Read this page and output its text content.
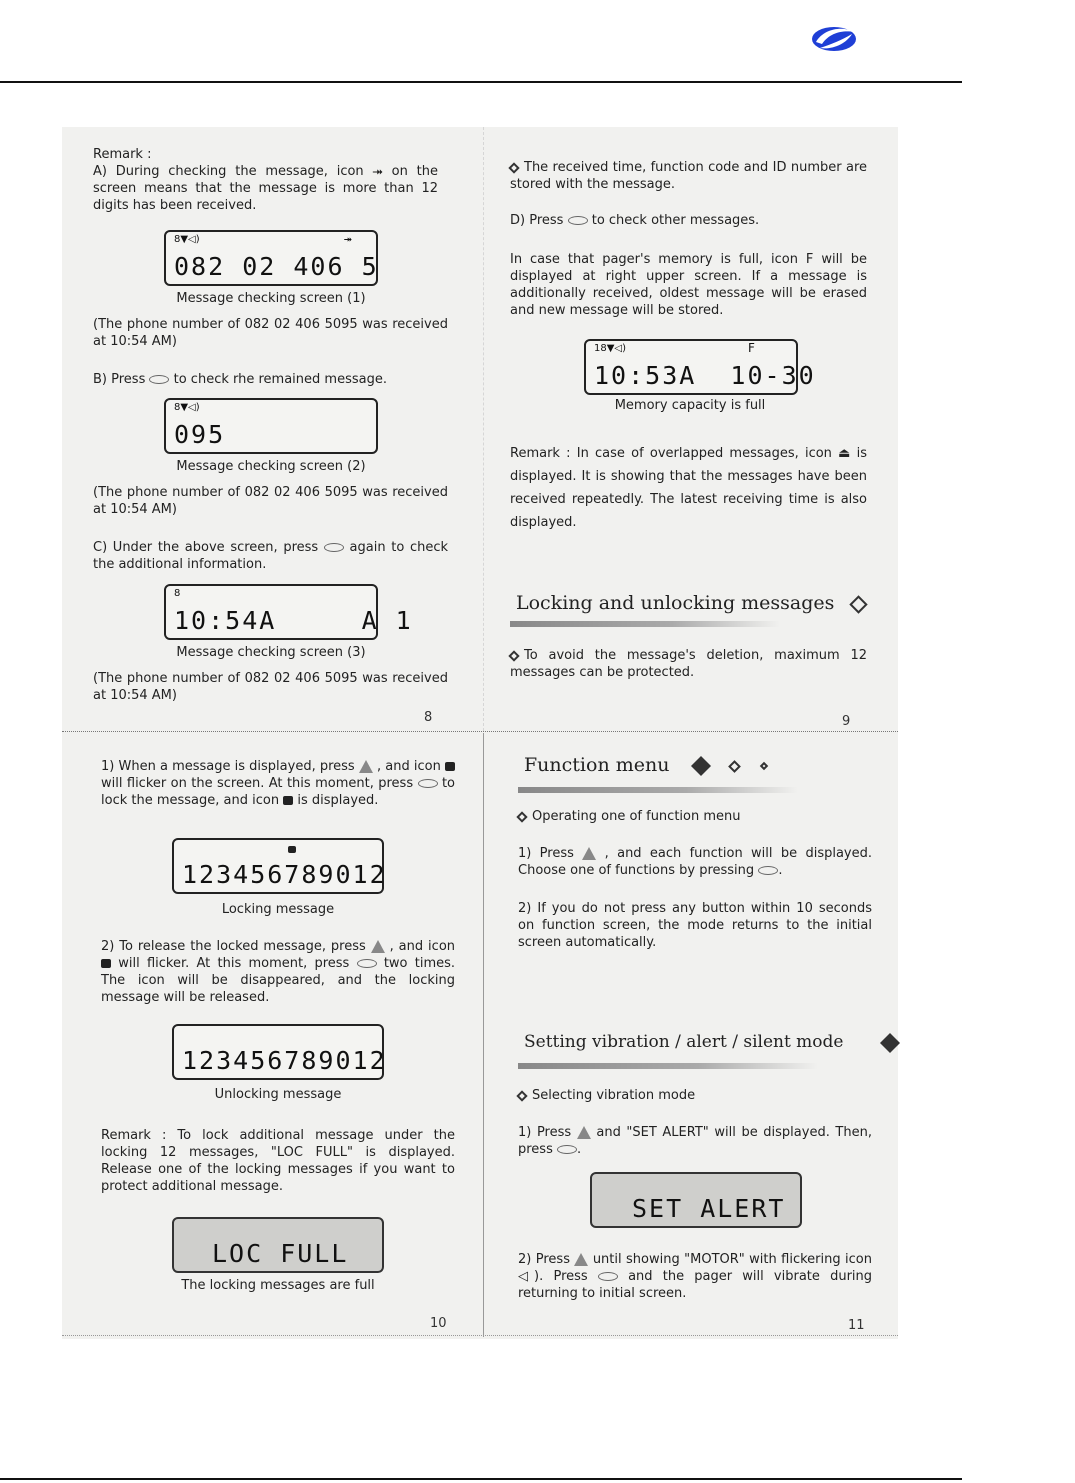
Remark :

A) During checking the message, icon ⯮ on the screen means that the message is more than 12 digits has been received.

8▼◁)	⯮
082 02 406 5
Message checking screen (1)
(The phone number of 082 02 406 5095 was received at 10:54 AM)
B) Press to check rhe remained message.
8▼◁)
095
Message checking screen (2)
(The phone number of 082 02 406 5095 was received at 10:54 AM)
C) Under the above screen, press again to check the additional information.
8
10:54A     A 1
Message checking screen (3)
(The phone number of 082 02 406 5095 was received at 10:54 AM)
8
The received time, function code and ID number are stored with the message.
D) Press to check other messages.
In case that pager's memory is full, icon F will be displayed at right upper screen. If a message is additionally received, oldest message will be erased and new message will be stored.
18▼◁)	F
10:53A  10-30
Memory capacity is full
Remark : In case of overlapped messages, icon ⏏ is displayed. It is showing that the messages have been received repeatedly. The latest receiving time is also displayed.
Locking and unlocking messages
To avoid the message's deletion, maximum 12 messages can be protected.
9
1) When a message is displayed, press , and icon  will flicker on the screen. At this moment, press to lock the message, and icon is displayed.
123456789012
Locking message
2) To release the locked message, press , and icon  will flicker. At this moment, press	two times. The icon will be disappeared, and the locking message will be released.
123456789012
Unlocking message
Remark : To lock additional message under the locking 12 messages, "LOC FULL" is displayed. Release one of the locking messages if you want to protect additional message.
LOC FULL
The locking messages are full
10
Function menu
Operating one of function menu
1) Press , and each function will be displayed. Choose one of functions by pressing .
2) If you do not press any button within 10 seconds on function screen, the mode returns to the initial screen automatically.
Setting vibration / alert / silent mode
Selecting vibration mode
1) Press and "SET ALERT" will be displayed. Then, press .
SET ALERT
2) Press until showing "MOTOR" with flickering icon ◁). Press	and the pager will vibrate during returning to initial screen.
11
